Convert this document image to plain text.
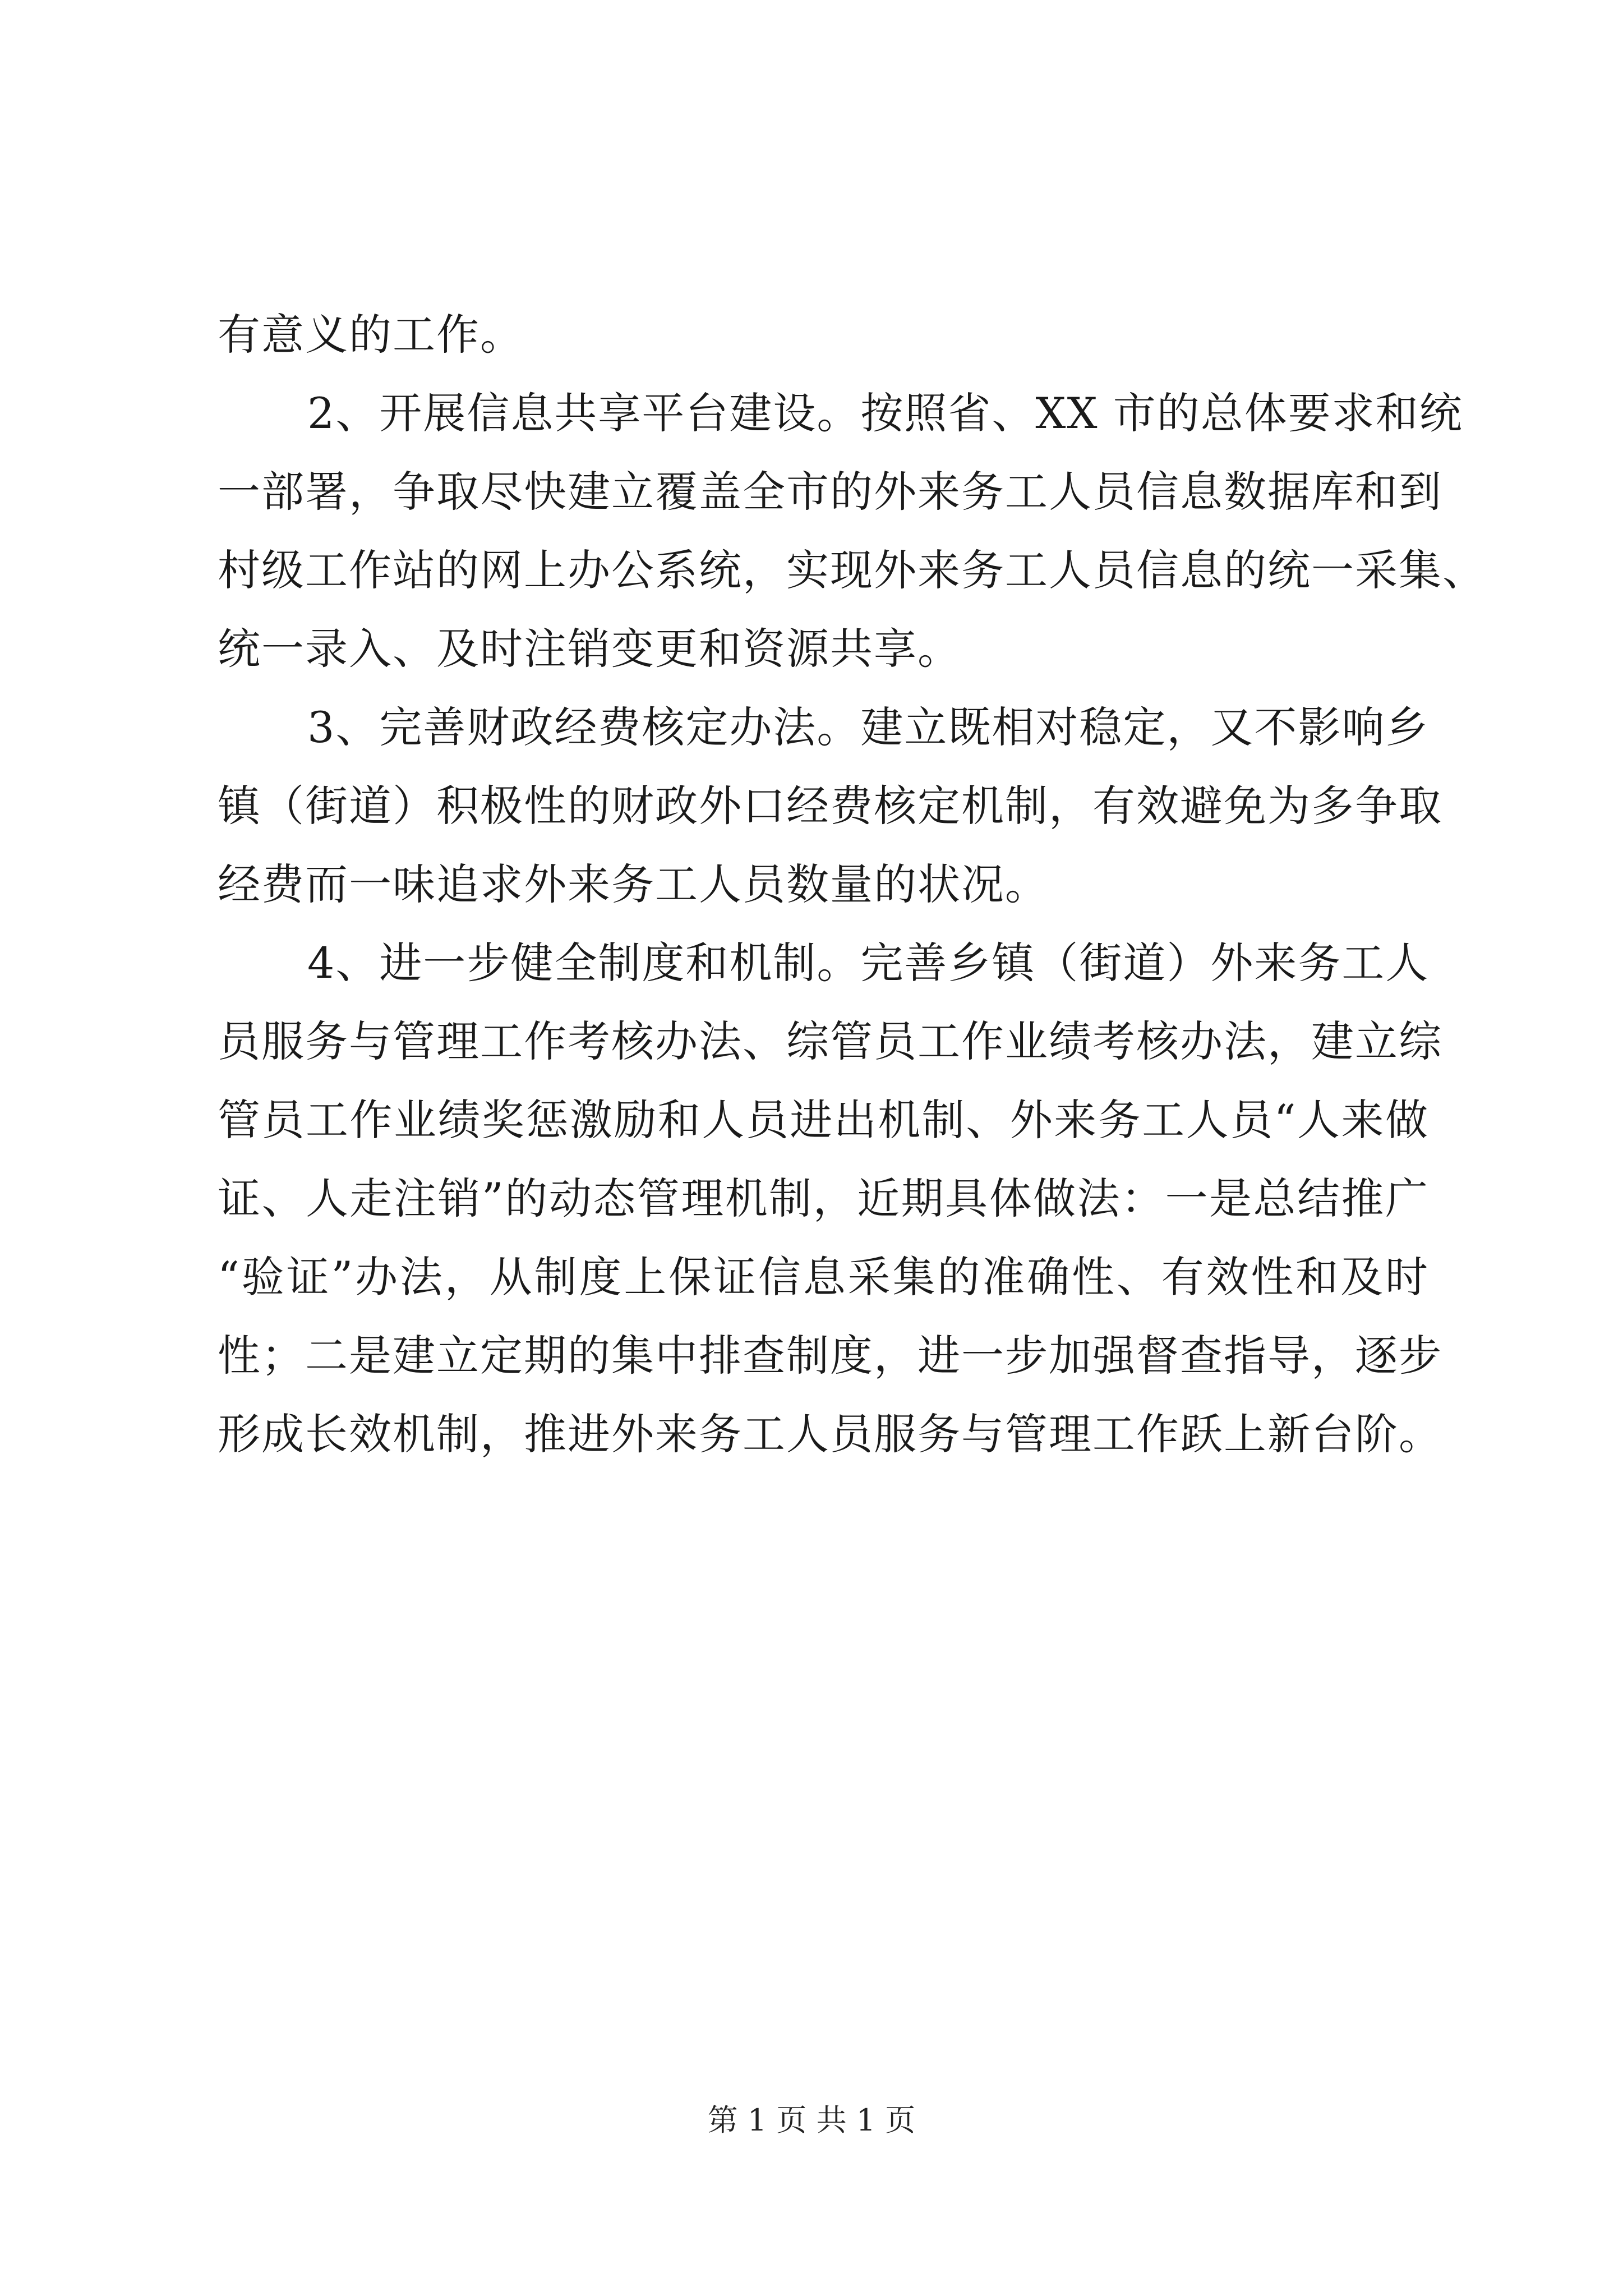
有意义的工作。
2、开展信息共享平台建设。按照省、XX 市的总体要求和统
一部署，争取尽快建立覆盖全市的外来务工人员信息数据库和到
村级工作站的网上办公系统，实现外来务工人员信息的统一采集、
统一录入、及时注销变更和资源共享。
3、完善财政经费核定办法。建立既相对稳定，又不影响乡
镇（街道）积极性的财政外口经费核定机制，有效避免为多争取
经费而一味追求外来务工人员数量的状况。
4、进一步健全制度和机制。完善乡镇（街道）外来务工人
员服务与管理工作考核办法、综管员工作业绩考核办法，建立综
管员工作业绩奖惩激励和人员进出机制、外来务工人员“人来做
证、人走注销”的动态管理机制，近期具体做法：一是总结推广
“验证”办法，从制度上保证信息采集的准确性、有效性和及时
性；二是建立定期的集中排查制度，进一步加强督查指导，逐步
形成长效机制，推进外来务工人员服务与管理工作跃上新台阶。
第 1 页 共 1 页
